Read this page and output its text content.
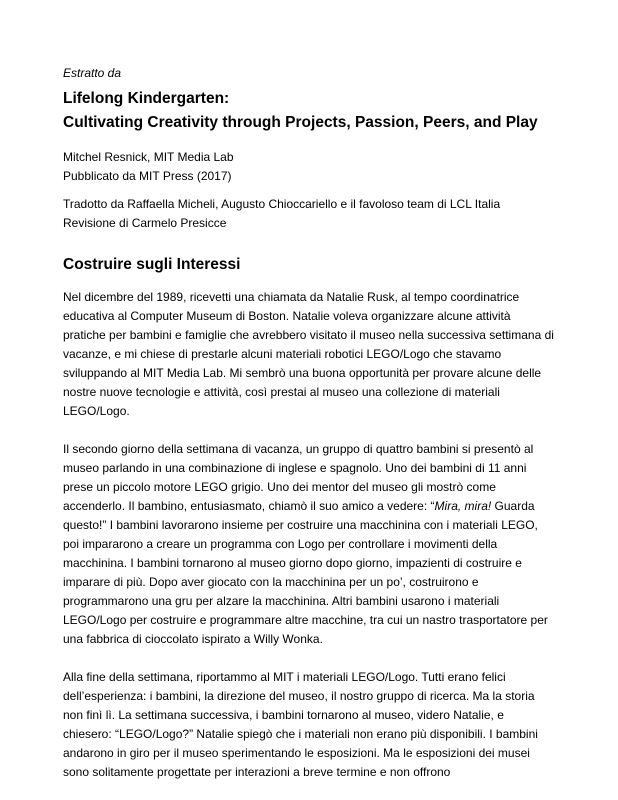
Estratto da
Lifelong Kindergarten:
Cultivating Creativity through Projects, Passion, Peers, and Play
Mitchel Resnick, MIT Media Lab
Pubblicato da MIT Press (2017)
Tradotto da Raffaella Micheli, Augusto Chioccariello e il favoloso team di LCL Italia
Revisione di Carmelo Presicce
Costruire sugli Interessi

Nel dicembre del 1989, ricevetti una chiamata da Natalie Rusk, al tempo coordinatrice educativa al Computer Museum di Boston. Natalie voleva organizzare alcune attività pratiche per bambini e famiglie che avrebbero visitato il museo nella successiva settimana di vacanze, e mi chiese di prestarle alcuni materiali robotici LEGO/Logo che stavamo sviluppando al MIT Media Lab. Mi sembrò una buona opportunità per provare alcune delle nostre nuove tecnologie e attività, così prestai al museo una collezione di materiali LEGO/Logo.

Il secondo giorno della settimana di vacanza, un gruppo di quattro bambini si presentò al museo parlando in una combinazione di inglese e spagnolo. Uno dei bambini di 11 anni prese un piccolo motore LEGO grigio. Uno dei mentor del museo gli mostrò come accenderlo. Il bambino, entusiasmato, chiamò il suo amico a vedere: “Mira, mira! Guarda questo!” I bambini lavorarono insieme per costruire una macchinina con i materiali LEGO, poi impararono a creare un programma con Logo per controllare i movimenti della macchinina. I bambini tornarono al museo giorno dopo giorno, impazienti di costruire e imparare di più. Dopo aver giocato con la macchinina per un po’, costruirono e programmarono una gru per alzare la macchinina. Altri bambini usarono i materiali LEGO/Logo per costruire e programmare altre macchine, tra cui un nastro trasportatore per una fabbrica di cioccolato ispirato a Willy Wonka.

Alla fine della settimana, riportammo al MIT i materiali LEGO/Logo. Tutti erano felici dell’esperienza: i bambini, la direzione del museo, il nostro gruppo di ricerca. Ma la storia non finì lì. La settimana successiva, i bambini tornarono al museo, videro Natalie, e chiesero: “LEGO/Logo?” Natalie spiegò che i materiali non erano più disponibili. I bambini andarono in giro per il museo sperimentando le esposizioni. Ma le esposizioni dei musei sono solitamente progettate per interazioni a breve termine e non offrono
